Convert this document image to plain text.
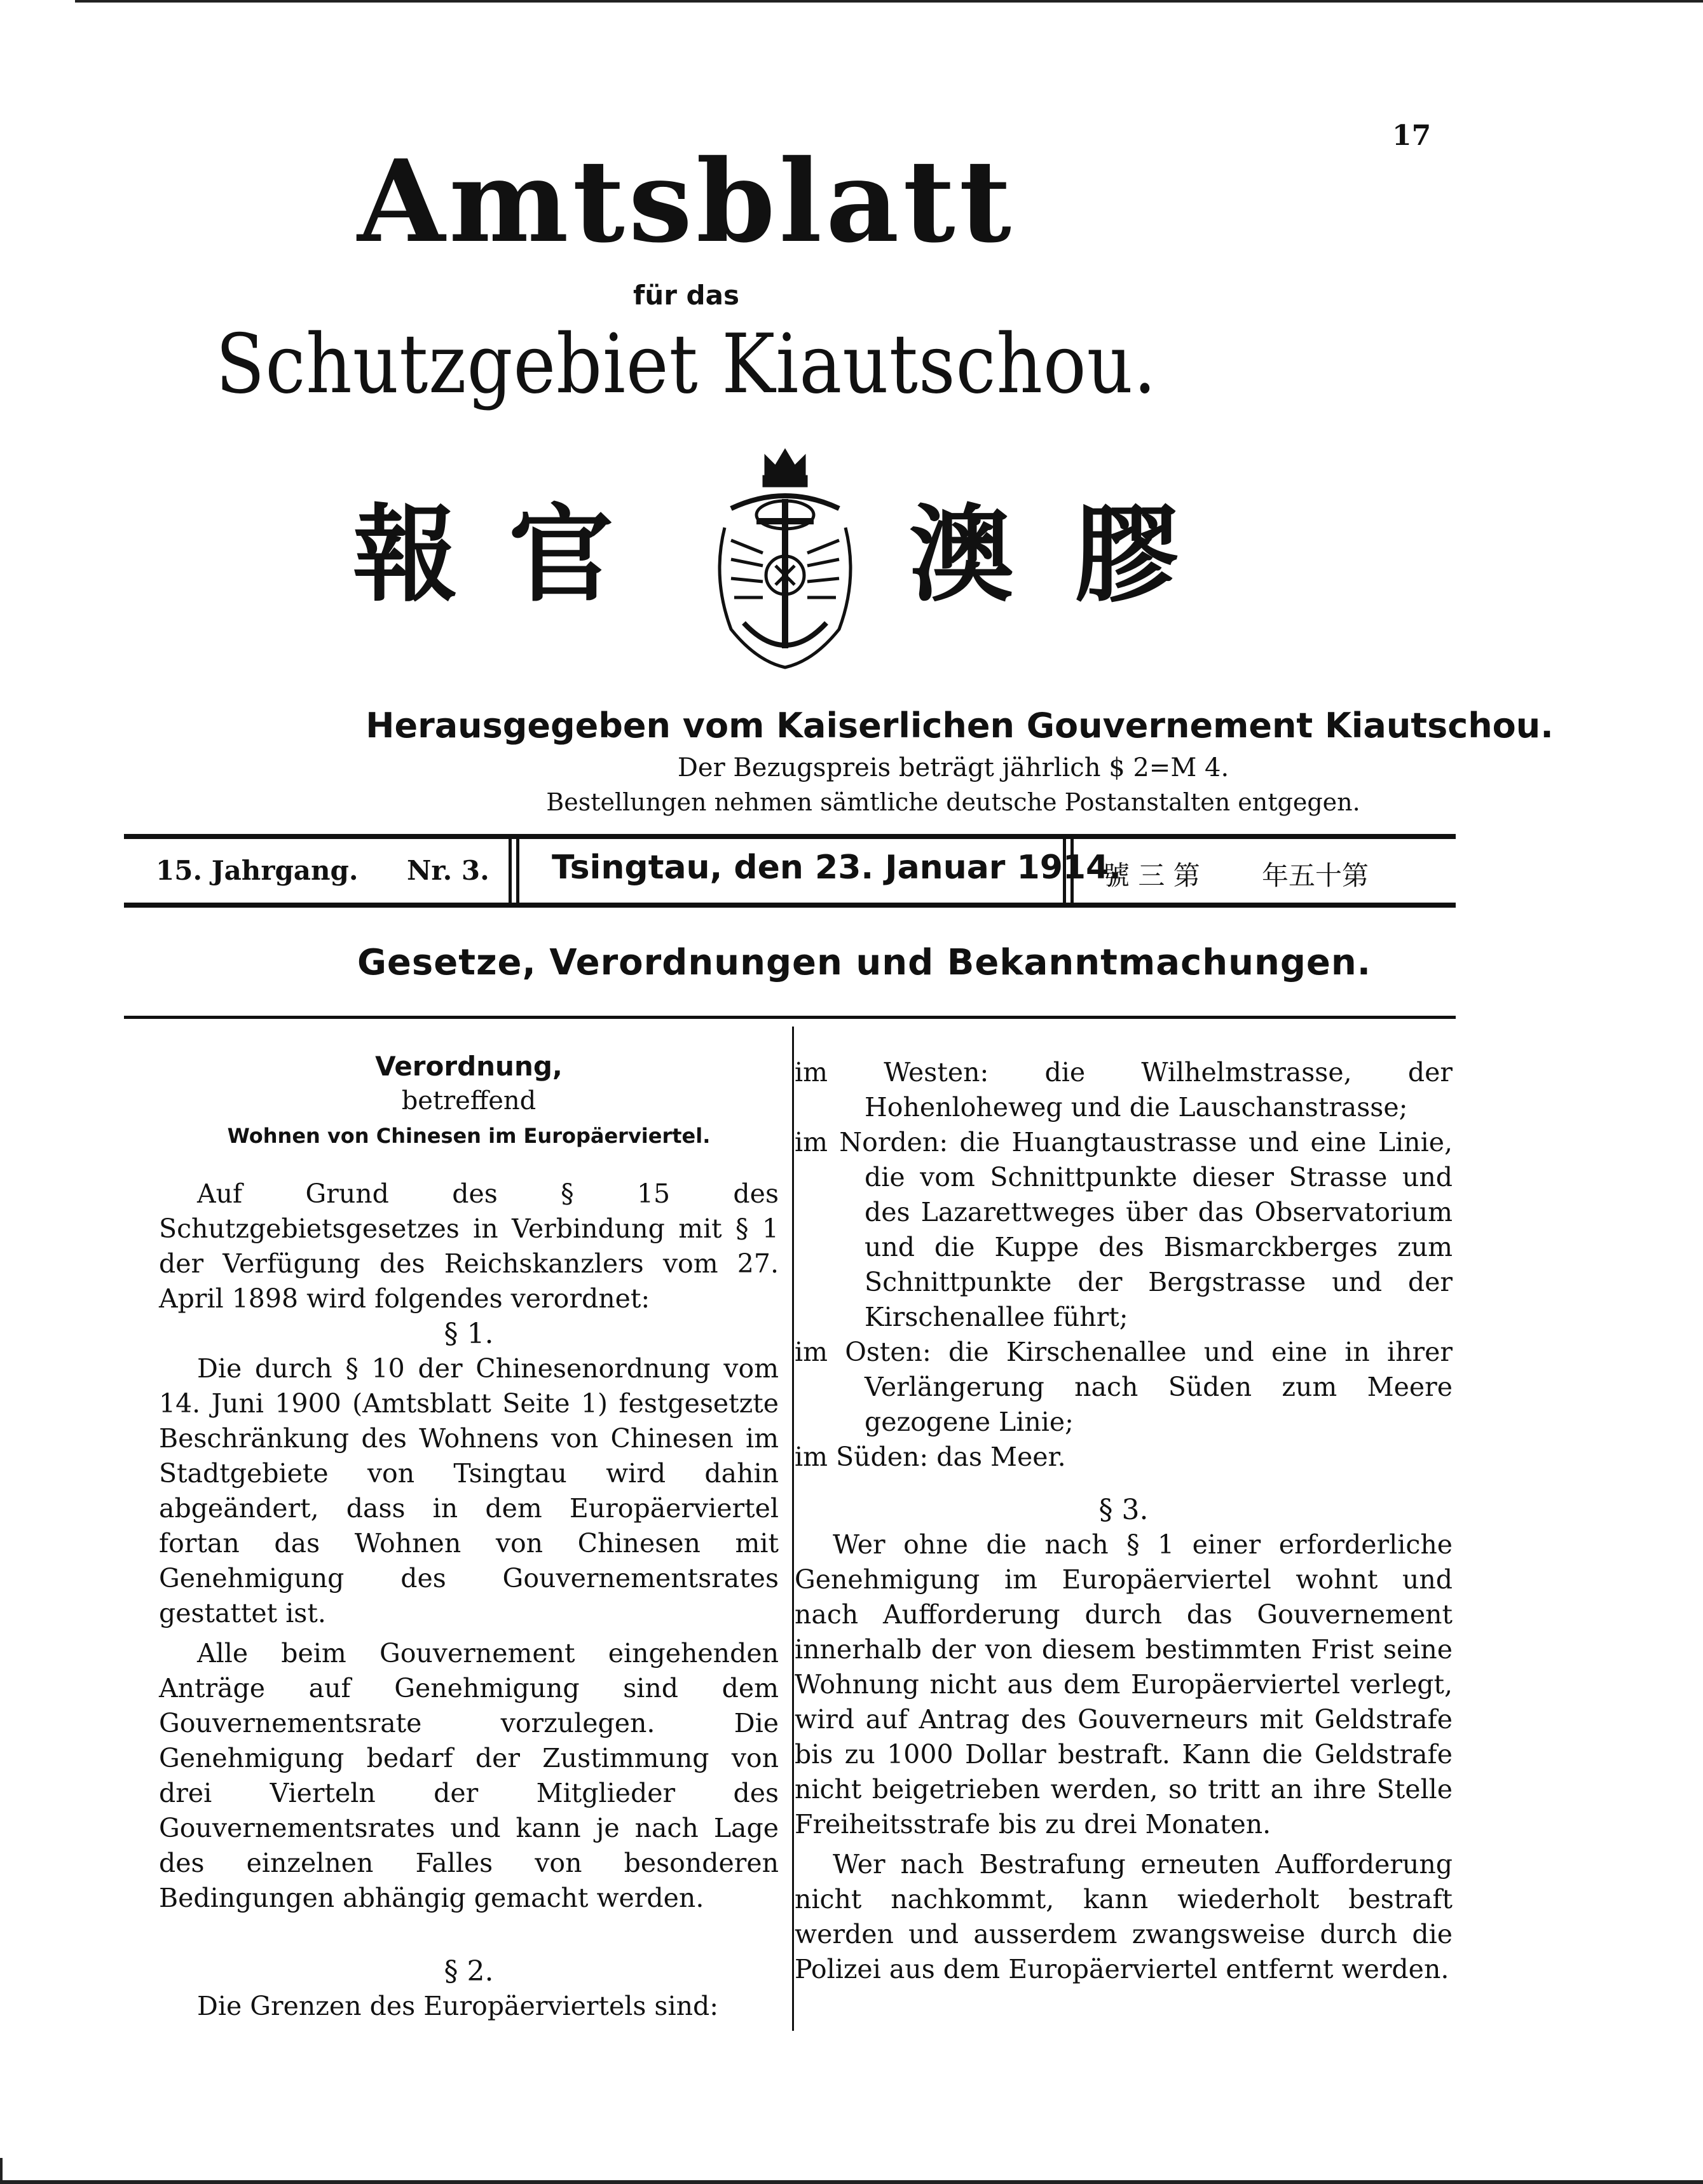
17
Amtsblatt
für das
Schutzgebiet Kiautschou.
報 官	澳 膠
Herausgegeben vom Kaiserlichen Gouvernement Kiautschou.
Der Bezugspreis beträgt jährlich $ 2=M 4.
Bestellungen nehmen sämtliche deutsche Postanstalten entgegen.
15. Jahrgang. Nr. 3. Tsingtau, den 23. Januar 1914.
號 三 第 年五十第
Gesetze, Verordnungen und Bekanntmachungen.

Verordnung,

betreffend

Wohnen von Chinesen im Europäerviertel.

Auf Grund des § 15 des Schutzgebietsgesetzes in Verbindung mit § 1 der Verfügung des Reichskanzlers vom 27. April 1898 wird folgendes verordnet:

§ 1.

Die durch § 10 der Chinesenordnung vom 14. Juni 1900 (Amtsblatt Seite 1) festgesetzte Beschränkung des Wohnens von Chinesen im Stadtgebiete von Tsingtau wird dahin abgeändert, dass in dem Europäerviertel fortan das Wohnen von Chinesen mit Genehmigung des Gouvernementsrates gestattet ist.

Alle beim Gouvernement eingehenden Anträge auf Genehmigung sind dem Gouvernementsrate vorzulegen. Die Genehmigung bedarf der Zustimmung von drei Vierteln der Mitglieder des Gouvernementsrates und kann je nach Lage des einzelnen Falles von besonderen Bedingungen abhängig gemacht werden.

§ 2.

Die Grenzen des Europäerviertels sind:

im Westen: die Wilhelmstrasse, der Hohenloheweg und die Lauschanstrasse;

im Norden: die Huangtaustrasse und eine Linie, die vom Schnittpunkte dieser Strasse und des Lazarettweges über das Observatorium und die Kuppe des Bismarckberges zum Schnittpunkte der Bergstrasse und der Kirschenallee führt;

im Osten: die Kirschenallee und eine in ihrer Verlängerung nach Süden zum Meere gezogene Linie;

im Süden: das Meer.

§ 3.

Wer ohne die nach § 1 einer erforderliche Genehmigung im Europäerviertel wohnt und nach Aufforderung durch das Gouvernement innerhalb der von diesem bestimmten Frist seine Wohnung nicht aus dem Europäerviertel verlegt, wird auf Antrag des Gouverneurs mit Geldstrafe bis zu 1000 Dollar bestraft. Kann die Geldstrafe nicht beigetrieben werden, so tritt an ihre Stelle Freiheitsstrafe bis zu drei Monaten.

Wer nach Bestrafung erneuten Aufforderung nicht nachkommt, kann wiederholt bestraft werden und ausserdem zwangsweise durch die Polizei aus dem Europäerviertel entfernt werden.
